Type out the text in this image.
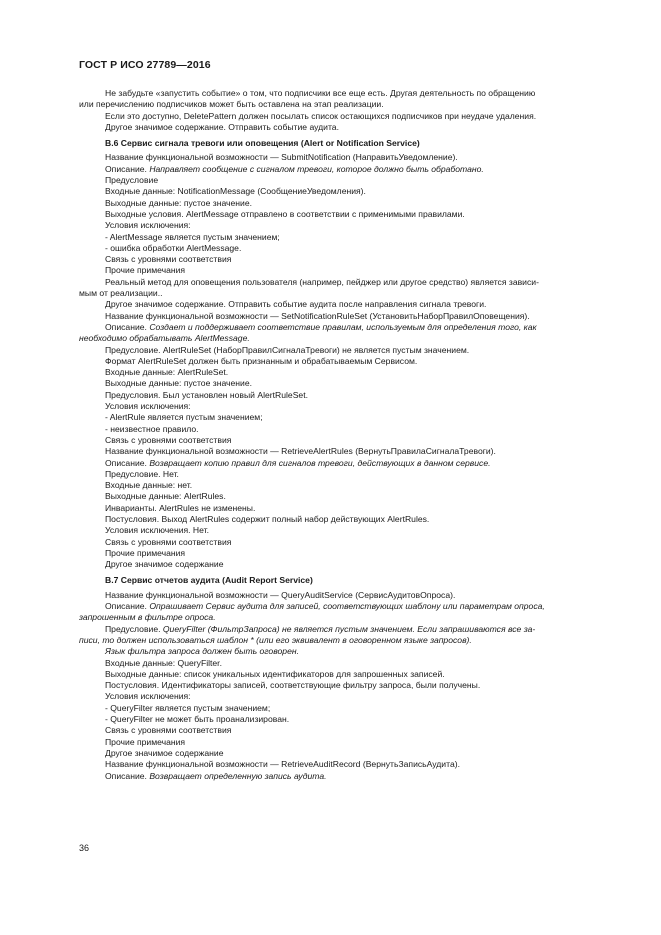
ГОСТ Р ИСО 27789—2016

Не забудьте «запустить событие» о том, что подписчики все еще есть. Другая деятельность по обращению

или перечислению подписчиков может быть оставлена на этап реализации.

Если это доступно, DeletePattern должен посылать список остающихся подписчиков при неудаче удаления.

Другое значимое содержание. Отправить событие аудита.

В.6 Сервис сигнала тревоги или оповещения (Alert or Notification Service)

Название функциональной возможности — SubmitNotification (НаправитьУведомление).

Описание. Направляет сообщение с сигналом тревоги, которое должно быть обработано.

Предусловие

Входные данные: NotificationMessage (СообщениеУведомления).

Выходные данные: пустое значение.

Выходные условия. AlertMessage отправлено в соответствии с применимыми правилами.

Условия исключения:

- AlertMessage является пустым значением;

- ошибка обработки AlertMessage.

Связь с уровнями соответствия

Прочие примечания

Реальный метод для оповещения пользователя (например, пейджер или другое средство) является зависи-

мым от реализации..

Другое значимое содержание. Отправить событие аудита после направления сигнала тревоги.

Название функциональной возможности — SetNotificationRuleSet (УстановитьНаборПравилОповещения).

Описание. Создает и поддерживает соответствие правилам, используемым для определения того, как

необходимо обрабатывать AlertMessage.

Предусловие. AlertRuleSet (НаборПравилСигналаТревоги) не является пустым значением.

Формат AlertRuleSet должен быть признанным и обрабатываемым Сервисом.

Входные данные: AlertRuleSet.

Выходные данные: пустое значение.

Предусловия. Был установлен новый AlertRuleSet.

Условия исключения:

- AlertRule является пустым значением;

- неизвестное правило.

Связь с уровнями соответствия

Название функциональной возможности — RetrieveAlertRules (ВернутьПравилаСигналаТревоги).

Описание. Возвращает копию правил для сигналов тревоги, действующих в данном сервисе.

Предусловие. Нет.

Входные данные: нет.

Выходные данные: AlertRules.

Инварианты. AlertRules не изменены.

Постусловия. Выход AlertRules содержит полный набор действующих AlertRules.

Условия исключения. Нет.

Связь с уровнями соответствия

Прочие примечания

Другое значимое содержание

В.7 Сервис отчетов аудита (Audit Report Service)

Название функциональной возможности — QueryAuditService (СервисАудитовОпроса).

Описание. Опрашивает Сервис аудита для записей, соответствующих шаблону или параметрам опроса,

запрошенным в фильтре опроса.

Предусловие. QueryFilter (ФильтрЗапроса) не является пустым значением. Если запрашиваются все за-

писи, то должен использоваться шаблон * (или его эквивалент в оговоренном языке запросов).

Язык фильтра запроса должен быть оговорен.

Входные данные: QueryFilter.

Выходные данные: список уникальных идентификаторов для запрошенных записей.

Постусловия. Идентификаторы записей, соответствующие фильтру запроса, были получены.

Условия исключения:

- QueryFilter является пустым значением;

- QueryFilter не может быть проанализирован.

Связь с уровнями соответствия

Прочие примечания

Другое значимое содержание

Название функциональной возможности — RetrieveAuditRecord (ВернутьЗаписьАудита).

Описание. Возвращает определенную запись аудита.

36
